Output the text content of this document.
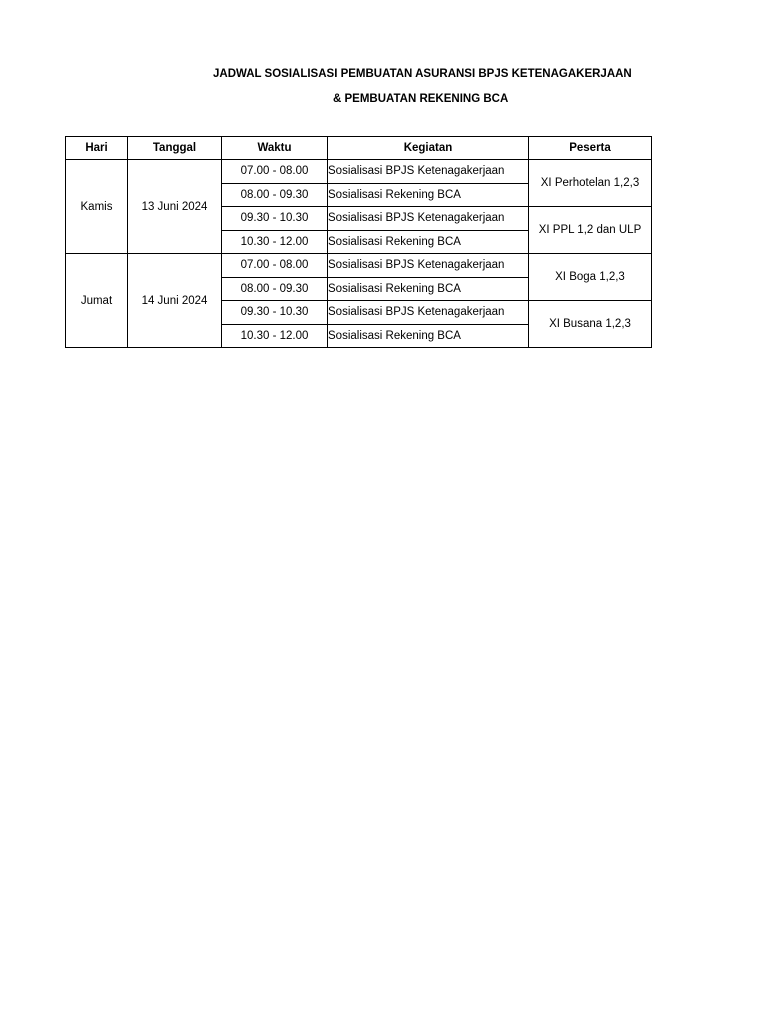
JADWAL SOSIALISASI PEMBUATAN ASURANSI BPJS KETENAGAKERJAAN
& PEMBUATAN REKENING BCA
Hari	Tanggal	Waktu	Kegiatan	Peserta
Kamis	13 Juni 2024	07.00 - 08.00	Sosialisasi BPJS Ketenagakerjaan	XI Perhotelan 1,2,3
		08.00 - 09.30	Sosialisasi Rekening BCA	
		09.30 - 10.30	Sosialisasi BPJS Ketenagakerjaan	XI PPL 1,2 dan ULP
		10.30 - 12.00	Sosialisasi Rekening BCA	
Jumat	14 Juni 2024	07.00 - 08.00	Sosialisasi BPJS Ketenagakerjaan	XI Boga 1,2,3
		08.00 - 09.30	Sosialisasi Rekening BCA	
		09.30 - 10.30	Sosialisasi BPJS Ketenagakerjaan	XI Busana 1,2,3
		10.30 - 12.00	Sosialisasi Rekening BCA	
